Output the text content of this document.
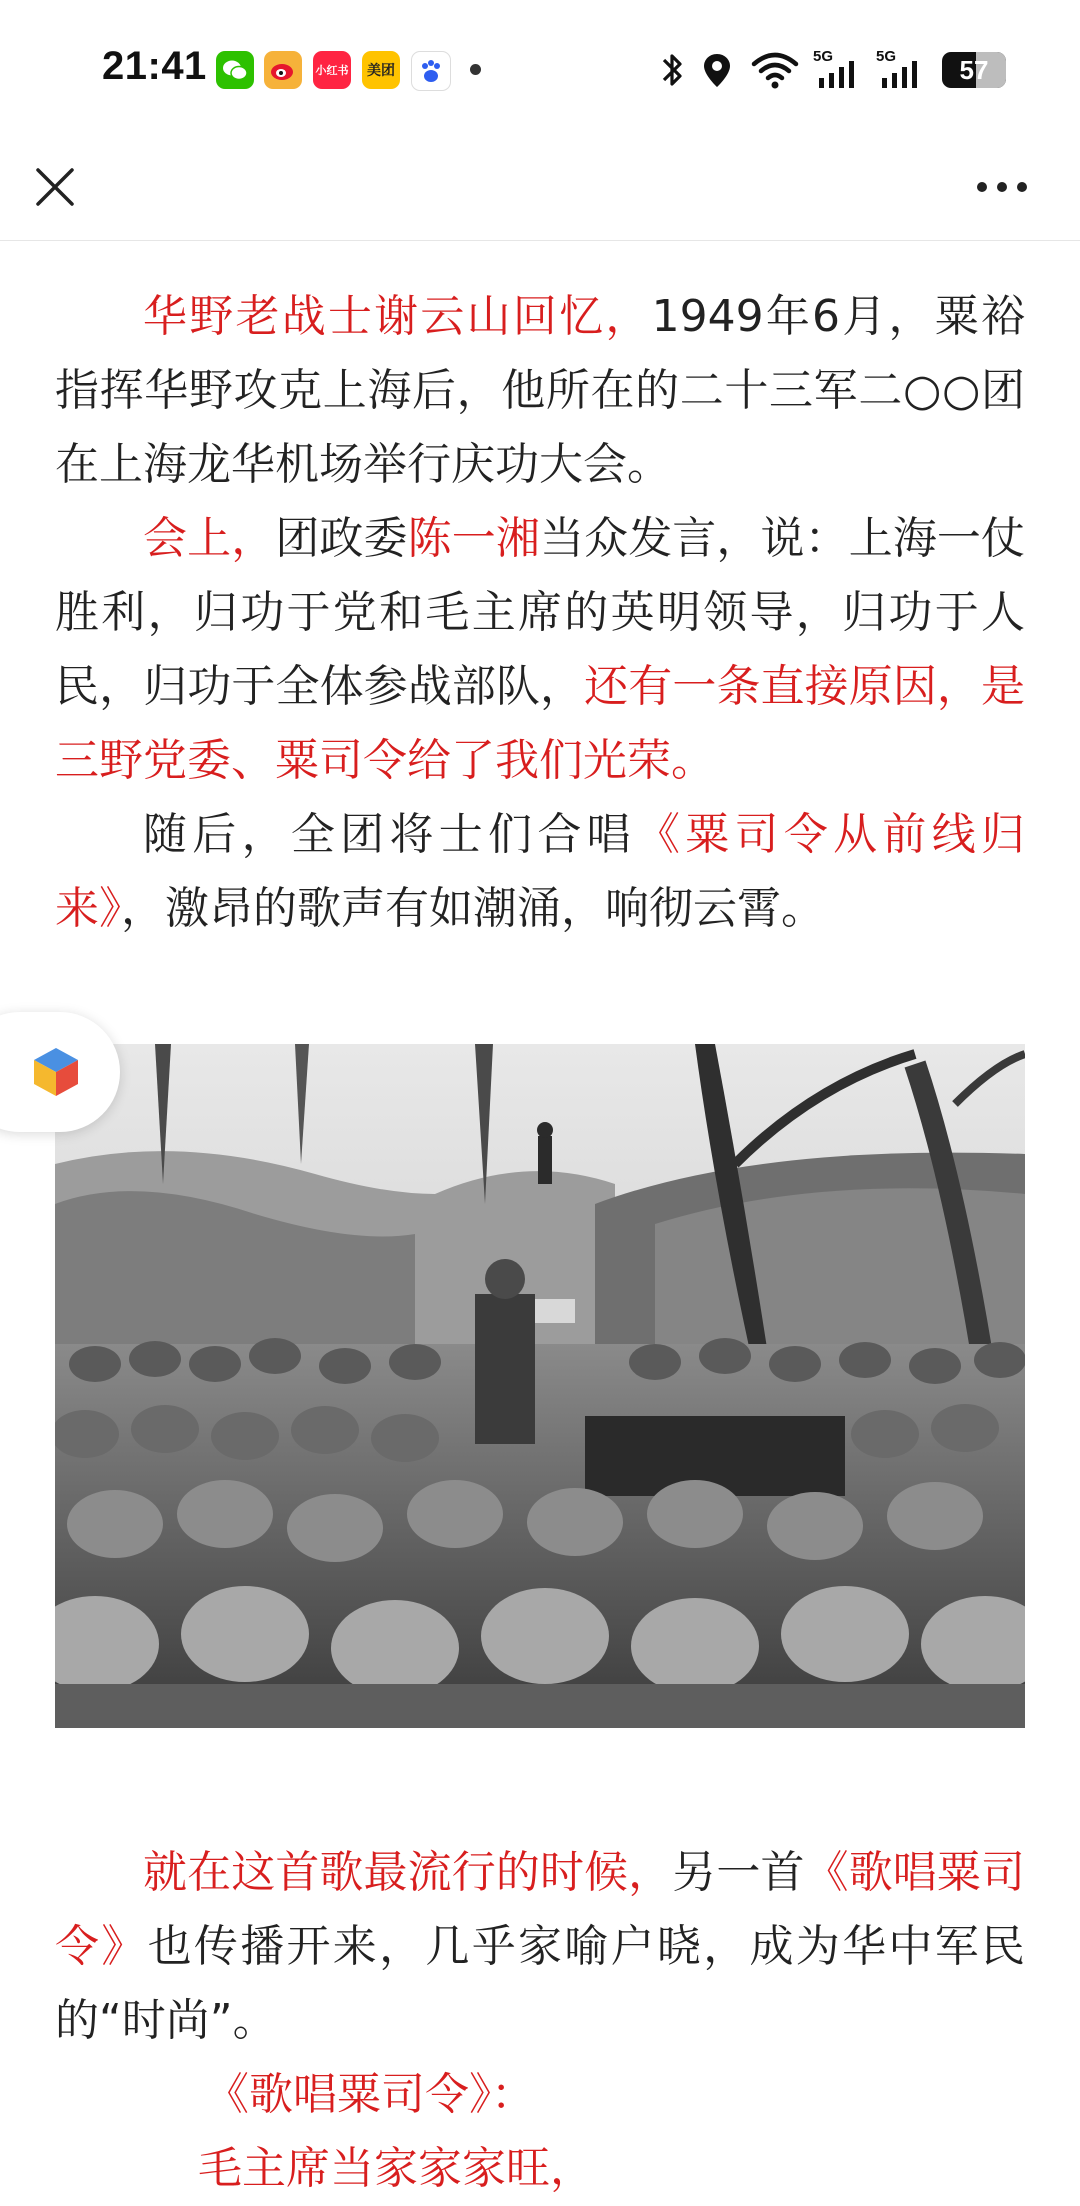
21:41	小红书 美团
5G	5G	57

华野老战士谢云山回忆，1949年6月，粟裕指挥华野攻克上海后，他所在的二十三军二○○团在上海龙华机场举行庆功大会。

会上，团政委陈一湘当众发言，说：上海一仗胜利，归功于党和毛主席的英明领导，归功于人民，归功于全体参战部队，还有一条直接原因，是三野党委、粟司令给了我们光荣。

随后，全团将士们合唱《粟司令从前线归来》，激昂的歌声有如潮涌，响彻云霄。

就在这首歌最流行的时候，另一首《歌唱粟司令》也传播开来，几乎家喻户晓，成为华中军民的“时尚”。

《歌唱粟司令》：
毛主席当家家家旺，
